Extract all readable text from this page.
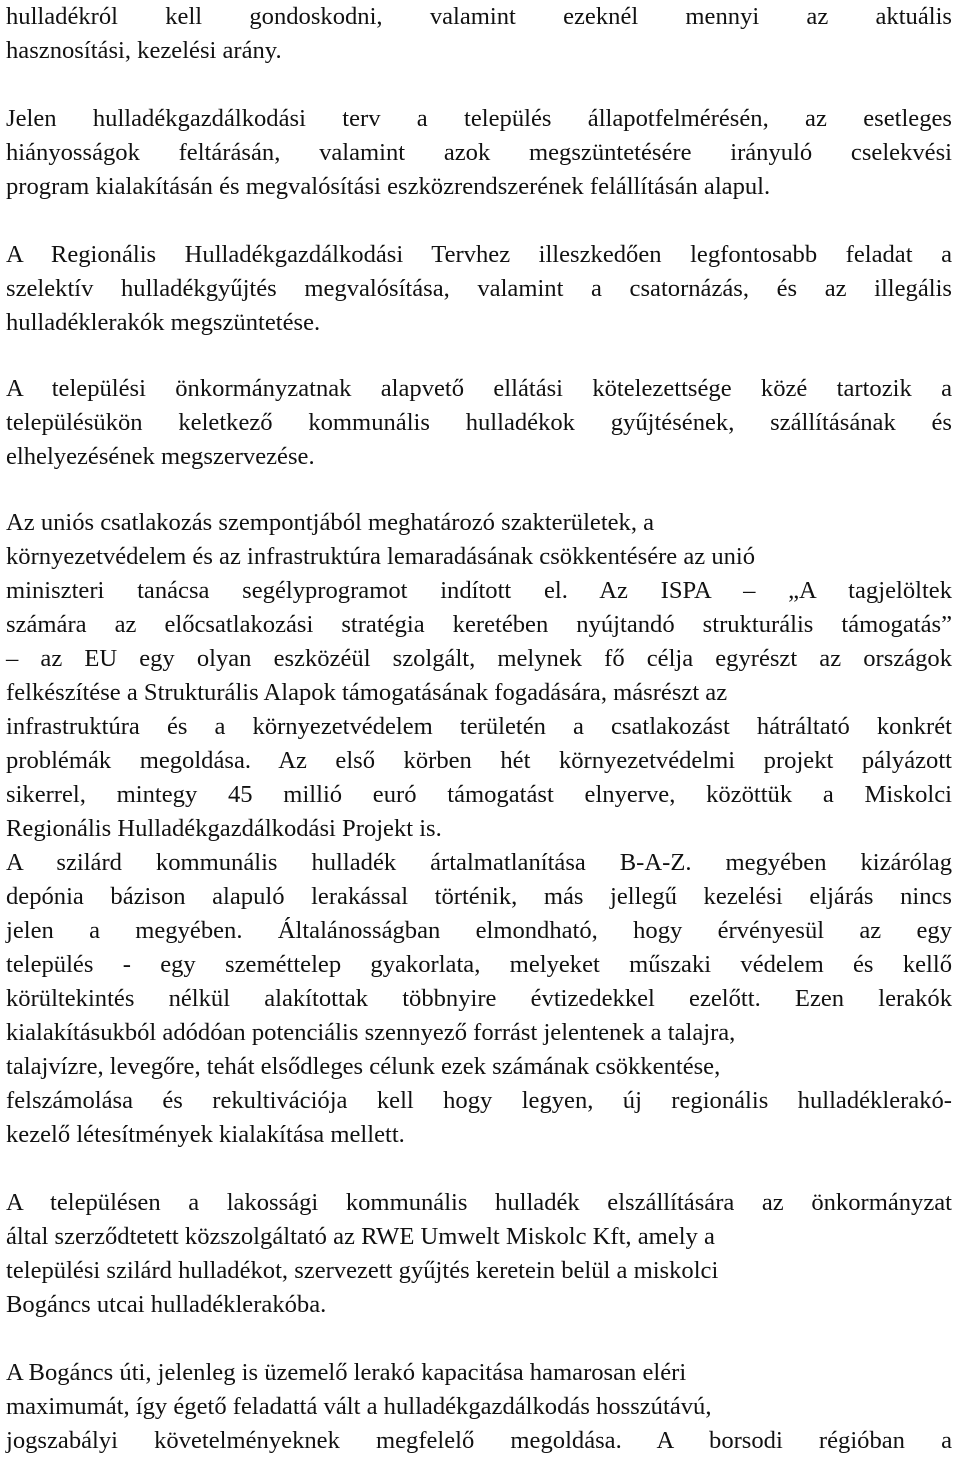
hulladékról kell gondoskodni, valamint ezeknél mennyi az aktuális
hasznosítási, kezelési arány.
Jelen hulladékgazdálkodási terv a település állapotfelmérésén, az esetleges
hiányosságok feltárásán, valamint azok megszüntetésére irányuló cselekvési
program kialakításán és megvalósítási eszközrendszerének felállításán alapul.
A Regionális Hulladékgazdálkodási Tervhez illeszkedően legfontosabb feladat a
szelektív hulladékgyűjtés megvalósítása, valamint a csatornázás, és az illegális
hulladéklerakók megszüntetése.
A települési önkormányzatnak alapvető ellátási kötelezettsége közé tartozik a
településükön keletkező kommunális hulladékok gyűjtésének, szállításának és
elhelyezésének megszervezése.
Az uniós csatlakozás szempontjából meghatározó szakterületek, a
környezetvédelem és az infrastruktúra lemaradásának csökkentésére az unió
miniszteri tanácsa segélyprogramot indított el. Az ISPA – „A tagjelöltek
számára az előcsatlakozási stratégia keretében nyújtandó strukturális támogatás”
– az EU egy olyan eszközéül szolgált, melynek fő célja egyrészt az országok
felkészítése a Strukturális Alapok támogatásának fogadására, másrészt az
infrastruktúra és a környezetvédelem területén a csatlakozást hátráltató konkrét
problémák megoldása. Az első körben hét környezetvédelmi projekt pályázott
sikerrel, mintegy 45 millió euró támogatást elnyerve, közöttük a Miskolci
Regionális Hulladékgazdálkodási Projekt is.
A szilárd kommunális hulladék ártalmatlanítása B-A-Z. megyében kizárólag
depónia bázison alapuló lerakással történik, más jellegű kezelési eljárás nincs
jelen a megyében. Általánosságban elmondható, hogy érvényesül az egy
település - egy szeméttelep gyakorlata, melyeket műszaki védelem és kellő
körültekintés nélkül alakítottak többnyire évtizedekkel ezelőtt. Ezen lerakók
kialakításukból adódóan potenciális szennyező forrást jelentenek a talajra,
talajvízre, levegőre, tehát elsődleges célunk ezek számának csökkentése,
felszámolása és rekultivációja kell hogy legyen, új regionális hulladéklerakó-
kezelő létesítmények kialakítása mellett.
A településen a lakossági kommunális hulladék elszállítására az önkormányzat
által szerződtetett közszolgáltató az RWE Umwelt Miskolc Kft, amely a
települési szilárd hulladékot, szervezett gyűjtés keretein belül a miskolci
Bogáncs utcai hulladéklerakóba.
A Bogáncs úti, jelenleg is üzemelő lerakó kapacitása hamarosan eléri
maximumát, így égető feladattá vált a hulladékgazdálkodás hosszútávú,
jogszabályi követelményeknek megfelelő megoldása. A borsodi régióban a
